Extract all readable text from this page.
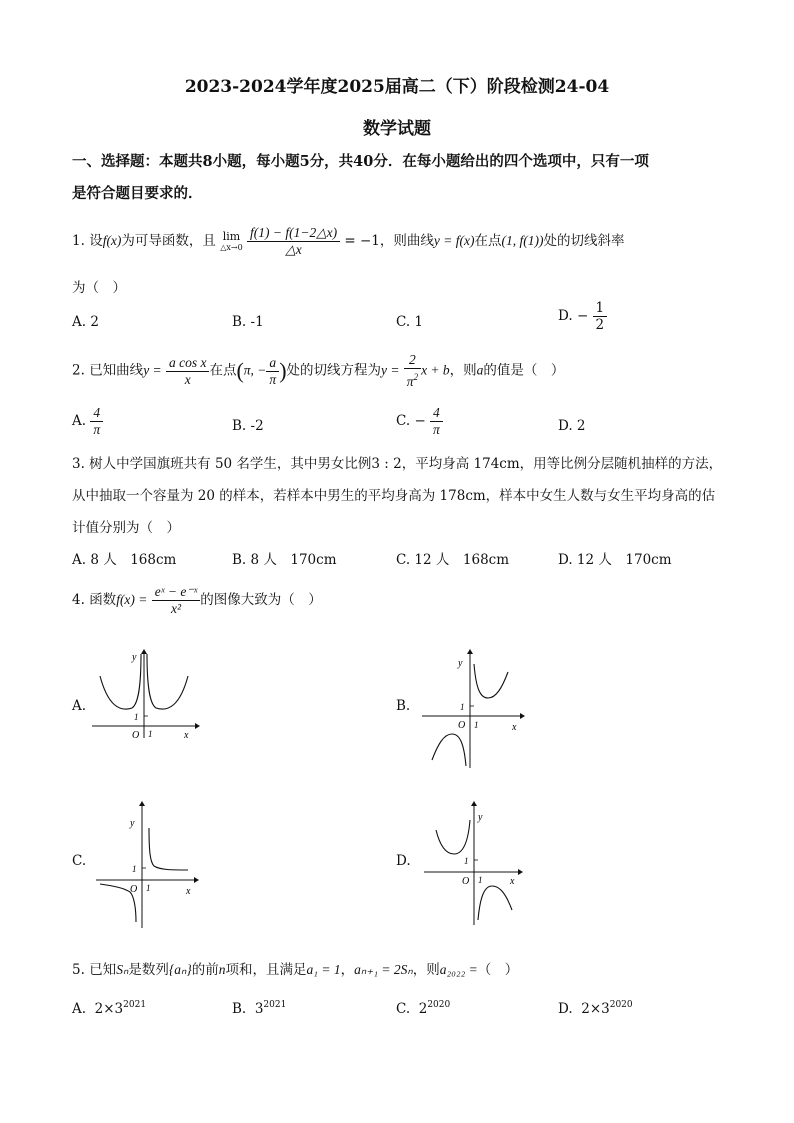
2023-2024学年度2025届高二（下）阶段检测24-04
数学试题
一、选择题：本题共8小题，每小题5分，共40分．在每小题给出的四个选项中，只有一项
是符合题目要求的．
1. 设f(x)为可导函数，且 lim
△x→0
$\frac{f(1) - f(1-2\triangle x)}{\triangle x} = -1$，则曲线y = f(x)在点(1, f(1))处的切线斜率
为（　）
A. 2	B. -1	C. 1	D. − $\frac{1}{2}$
2. 已知曲线$y = \frac{\text{a cos x}}{x}$ 在点(π, − $\frac{a}{\pi}$ )处的切线方程为$y = \frac{2}{\pi^2}$ x + b，则a的值是（　）
A. $\frac{4}{\pi}$	B. -2	C. − $\frac{4}{\pi}$	D. 2
3. 树人中学国旗班共有 50 名学生，其中男女比例3 : 2，平均身高 174cm，用等比例分层随机抽样的方法，
从中抽取一个容量为 20 的样本，若样本中男生的平均身高为 178cm，样本中女生人数与女生平均身高的估
计值分别为（　）
A. 8 人　168cm	B. 8 人　170cm	C. 12 人　168cm	D. 12 人　170cm
4. 函数$f(x) = \frac{\text{eˣ − e⁻ˣ}}{\text{x²}}$ 的图像大致为（　）
A.
1
1
O
y
x
B.	1
1
O
y
x
C.	1
1
O
y
x
D.	1
1
O
y
x
5. 已知Sₙ是数列{aₙ}的前n项和，且满足a₁ = 1，aₙ₊₁ = 2Sₙ，则a₂₀₂₂ =（　）
A. $2\times 3^{2021}$	B. $3^{2021}$	C. $2^{2020}$	D. $2\times 3^{2020}$
